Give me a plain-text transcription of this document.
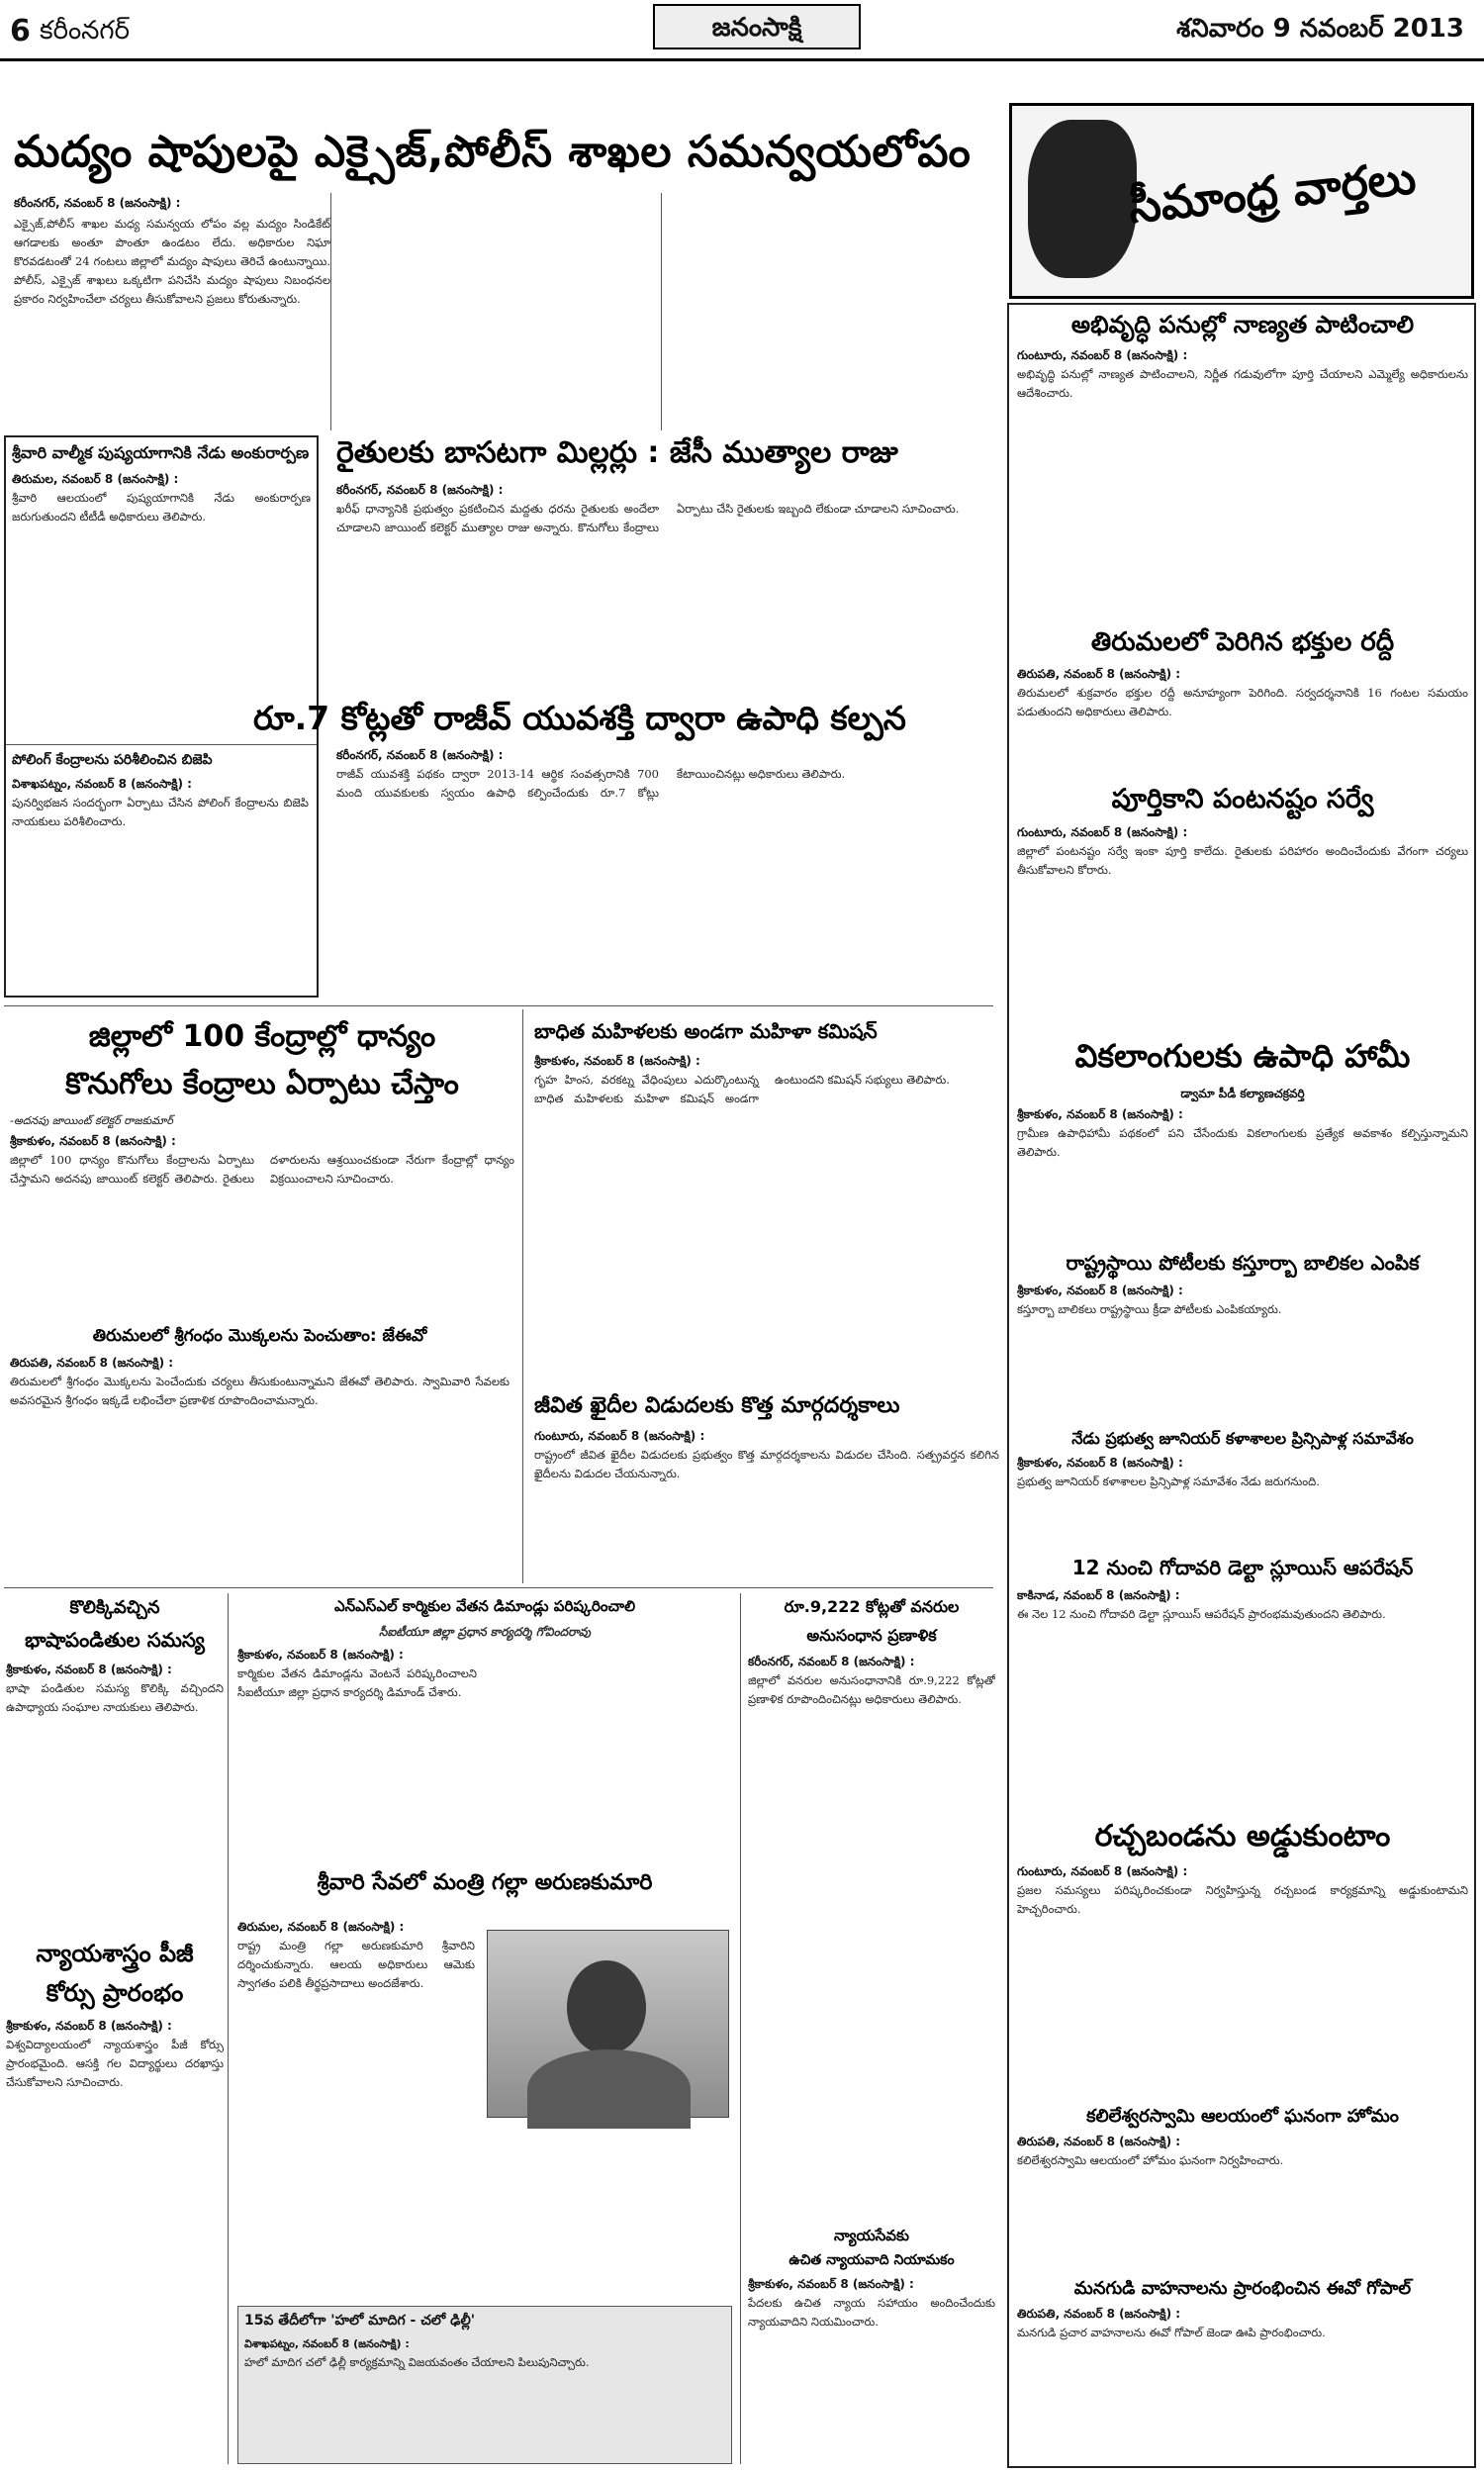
6 కరీంనగర్	జనంసాక్షి	శనివారం 9 నవంబర్ 2013
మద్యం షాపులపై ఎక్సైజ్,పోలీస్ శాఖల సమన్వయలోపం	సీమాంధ్ర వార్తలు
కరీంనగర్, నవంబర్ 8 (జనంసాక్షి) :
ఎక్సైజ్,పోలీస్ శాఖల మధ్య సమన్వయ లోపం వల్ల మద్యం సిండికేట్ ఆగడాలకు అంతూ పొంతూ ఉండటం లేదు. అధికారుల నిఘా కొరవడటంతో 24 గంటలు జిల్లాలో మద్యం షాపులు తెరిచే ఉంటున్నాయి. పోలీస్, ఎక్సైజ్ శాఖలు ఒక్కటిగా పనిచేసి మద్యం షాపులు నిబంధనల ప్రకారం నిర్వహించేలా చర్యలు తీసుకోవాలని ప్రజలు కోరుతున్నారు.
శ్రీవారి వాల్మీక పుష్యయాగానికి నేడు అంకురార్పణ
తిరుమల, నవంబర్ 8 (జనంసాక్షి) :
శ్రీవారి ఆలయంలో పుష్యయాగానికి నేడు అంకురార్పణ జరుగుతుందని టీటీడీ అధికారులు తెలిపారు.
పోలింగ్ కేంద్రాలను పరిశీలించిన బిజెపి
విశాఖపట్నం, నవంబర్ 8 (జనంసాక్షి) :
పునర్విభజన సందర్భంగా ఏర్పాటు చేసిన పోలింగ్ కేంద్రాలను బిజెపి నాయకులు పరిశీలించారు.
రైతులకు బాసటగా మిల్లర్లు : జేసీ ముత్యాల రాజు
కరీంనగర్, నవంబర్ 8 (జనంసాక్షి) :
ఖరీఫ్ ధాన్యానికి ప్రభుత్వం ప్రకటించిన మద్దతు ధరను రైతులకు అందేలా చూడాలని జాయింట్ కలెక్టర్ ముత్యాల రాజు అన్నారు. కొనుగోలు కేంద్రాలు ఏర్పాటు చేసి రైతులకు ఇబ్బంది లేకుండా చూడాలని సూచించారు.
రూ.7 కోట్లతో రాజీవ్ యువశక్తి ద్వారా ఉపాధి కల్పన
కరీంనగర్, నవంబర్ 8 (జనంసాక్షి) :
రాజీవ్ యువశక్తి పథకం ద్వారా 2013-14 ఆర్థిక సంవత్సరానికి 700 మంది యువకులకు స్వయం ఉపాధి కల్పించేందుకు రూ.7 కోట్లు కేటాయించినట్లు అధికారులు తెలిపారు.
జిల్లాలో 100 కేంద్రాల్లో ధాన్యం
కొనుగోలు కేంద్రాలు ఏర్పాటు చేస్తాం
-అదనపు జాయింట్ కలెక్టర్ రాజకుమార్
శ్రీకాకుళం, నవంబర్ 8 (జనంసాక్షి) :
జిల్లాలో 100 ధాన్యం కొనుగోలు కేంద్రాలను ఏర్పాటు చేస్తామని అదనపు జాయింట్ కలెక్టర్ తెలిపారు. రైతులు దళారులను ఆశ్రయించకుండా నేరుగా కేంద్రాల్లో ధాన్యం విక్రయించాలని సూచించారు.
బాధిత మహిళలకు అండగా మహిళా కమిషన్
శ్రీకాకుళం, నవంబర్ 8 (జనంసాక్షి) :
గృహ హింస, వరకట్న వేధింపులు ఎదుర్కొంటున్న బాధిత మహిళలకు మహిళా కమిషన్ అండగా ఉంటుందని కమిషన్ సభ్యులు తెలిపారు.
తిరుమలలో శ్రీగంధం మొక్కలను పెంచుతాం: జేఈవో
తిరుపతి, నవంబర్ 8 (జనంసాక్షి) :
తిరుమలలో శ్రీగంధం మొక్కలను పెంచేందుకు చర్యలు తీసుకుంటున్నామని జేఈవో తెలిపారు. స్వామివారి సేవలకు అవసరమైన శ్రీగంధం ఇక్కడే లభించేలా ప్రణాళిక రూపొందించామన్నారు.	జీవిత ఖైదీల విడుదలకు కొత్త మార్గదర్శకాలు
గుంటూరు, నవంబర్ 8 (జనంసాక్షి) :
రాష్ట్రంలో జీవిత ఖైదీల విడుదలకు ప్రభుత్వం కొత్త మార్గదర్శకాలను విడుదల చేసింది. సత్ప్రవర్తన కలిగిన ఖైదీలను విడుదల చేయనున్నారు.
కొలిక్కివచ్చిన
భాషాపండితుల సమస్య
శ్రీకాకుళం, నవంబర్ 8 (జనంసాక్షి) :
భాషా పండితుల సమస్య కొలిక్కి వచ్చిందని ఉపాధ్యాయ సంఘాల నాయకులు తెలిపారు.
న్యాయశాస్త్రం పీజీ
కోర్సు ప్రారంభం
శ్రీకాకుళం, నవంబర్ 8 (జనంసాక్షి) :
విశ్వవిద్యాలయంలో న్యాయశాస్త్రం పీజీ కోర్సు ప్రారంభమైంది. ఆసక్తి గల విద్యార్థులు దరఖాస్తు చేసుకోవాలని సూచించారు.
ఎన్ఎస్ఎల్ కార్మికుల వేతన డిమాండ్లు పరిష్కరించాలి
సీఐటీయూ జిల్లా ప్రధాన కార్యదర్శి గోవిందరావు
శ్రీకాకుళం, నవంబర్ 8 (జనంసాక్షి) :
కార్మికుల వేతన డిమాండ్లను వెంటనే పరిష్కరించాలని సీఐటీయూ జిల్లా ప్రధాన కార్యదర్శి డిమాండ్ చేశారు.
శ్రీవారి సేవలో మంత్రి గల్లా అరుణకుమారి
తిరుమల, నవంబర్ 8 (జనంసాక్షి) :
రాష్ట్ర మంత్రి గల్లా అరుణకుమారి శ్రీవారిని దర్శించుకున్నారు. ఆలయ అధికారులు ఆమెకు స్వాగతం పలికి తీర్థప్రసాదాలు అందజేశారు.
15వ తేదీలోగా 'హలో మాదిగ - చలో ఢిల్లీ'
విశాఖపట్నం, నవంబర్ 8 (జనంసాక్షి) :
హలో మాదిగ చలో ఢిల్లీ కార్యక్రమాన్ని విజయవంతం చేయాలని పిలుపునిచ్చారు.
రూ.9,222 కోట్లతో వనరుల
అనుసంధాన ప్రణాళిక
కరీంనగర్, నవంబర్ 8 (జనంసాక్షి) :
జిల్లాలో వనరుల అనుసంధానానికి రూ.9,222 కోట్లతో ప్రణాళిక రూపొందించినట్లు అధికారులు తెలిపారు.
న్యాయసేవకు
ఉచిత న్యాయవాది నియామకం
శ్రీకాకుళం, నవంబర్ 8 (జనంసాక్షి) :
పేదలకు ఉచిత న్యాయ సహాయం అందించేందుకు న్యాయవాదిని నియమించారు.
అభివృద్ధి పనుల్లో నాణ్యత పాటించాలి
గుంటూరు, నవంబర్ 8 (జనంసాక్షి) :
అభివృద్ధి పనుల్లో నాణ్యత పాటించాలని, నిర్ణీత గడువులోగా పూర్తి చేయాలని ఎమ్మెల్యే అధికారులను ఆదేశించారు.
తిరుమలలో పెరిగిన భక్తుల రద్దీ
తిరుపతి, నవంబర్ 8 (జనంసాక్షి) :
తిరుమలలో శుక్రవారం భక్తుల రద్దీ అనూహ్యంగా పెరిగింది. సర్వదర్శనానికి 16 గంటల సమయం పడుతుందని అధికారులు తెలిపారు.
పూర్తికాని పంటనష్టం సర్వే
గుంటూరు, నవంబర్ 8 (జనంసాక్షి) :
జిల్లాలో పంటనష్టం సర్వే ఇంకా పూర్తి కాలేదు. రైతులకు పరిహారం అందించేందుకు వేగంగా చర్యలు తీసుకోవాలని కోరారు.
వికలాంగులకు ఉపాధి హామీ
డ్వామా పీడీ కల్యాణచక్రవర్తి
శ్రీకాకుళం, నవంబర్ 8 (జనంసాక్షి) :
గ్రామీణ ఉపాధిహామీ పథకంలో పని చేసేందుకు వికలాంగులకు ప్రత్యేక అవకాశం కల్పిస్తున్నామని తెలిపారు.
రాష్ట్రస్థాయి పోటీలకు కస్తూర్బా బాలికల ఎంపిక
శ్రీకాకుళం, నవంబర్ 8 (జనంసాక్షి) :
కస్తూర్బా బాలికలు రాష్ట్రస్థాయి క్రీడా పోటీలకు ఎంపికయ్యారు.
నేడు ప్రభుత్వ జూనియర్ కళాశాలల ప్రిన్సిపాళ్ల సమావేశం
శ్రీకాకుళం, నవంబర్ 8 (జనంసాక్షి) :
ప్రభుత్వ జూనియర్ కళాశాలల ప్రిన్సిపాళ్ల సమావేశం నేడు జరుగనుంది.
12 నుంచి గోదావరి డెల్టా స్లూయిస్ ఆపరేషన్
కాకినాడ, నవంబర్ 8 (జనంసాక్షి) :
ఈ నెల 12 నుంచి గోదావరి డెల్టా స్లూయిస్ ఆపరేషన్ ప్రారంభమవుతుందని తెలిపారు.
రచ్చబండను అడ్డుకుంటాం
గుంటూరు, నవంబర్ 8 (జనంసాక్షి) :
ప్రజల సమస్యలు పరిష్కరించకుండా నిర్వహిస్తున్న రచ్చబండ కార్యక్రమాన్ని అడ్డుకుంటామని హెచ్చరించారు.
కలిలేశ్వరస్వామి ఆలయంలో ఘనంగా హోమం
తిరుపతి, నవంబర్ 8 (జనంసాక్షి) :
కలిలేశ్వరస్వామి ఆలయంలో హోమం ఘనంగా నిర్వహించారు.
మనగుడి వాహనాలను ప్రారంభించిన ఈవో గోపాల్
తిరుపతి, నవంబర్ 8 (జనంసాక్షి) :
మనగుడి ప్రచార వాహనాలను ఈవో గోపాల్ జెండా ఊపి ప్రారంభించారు.
